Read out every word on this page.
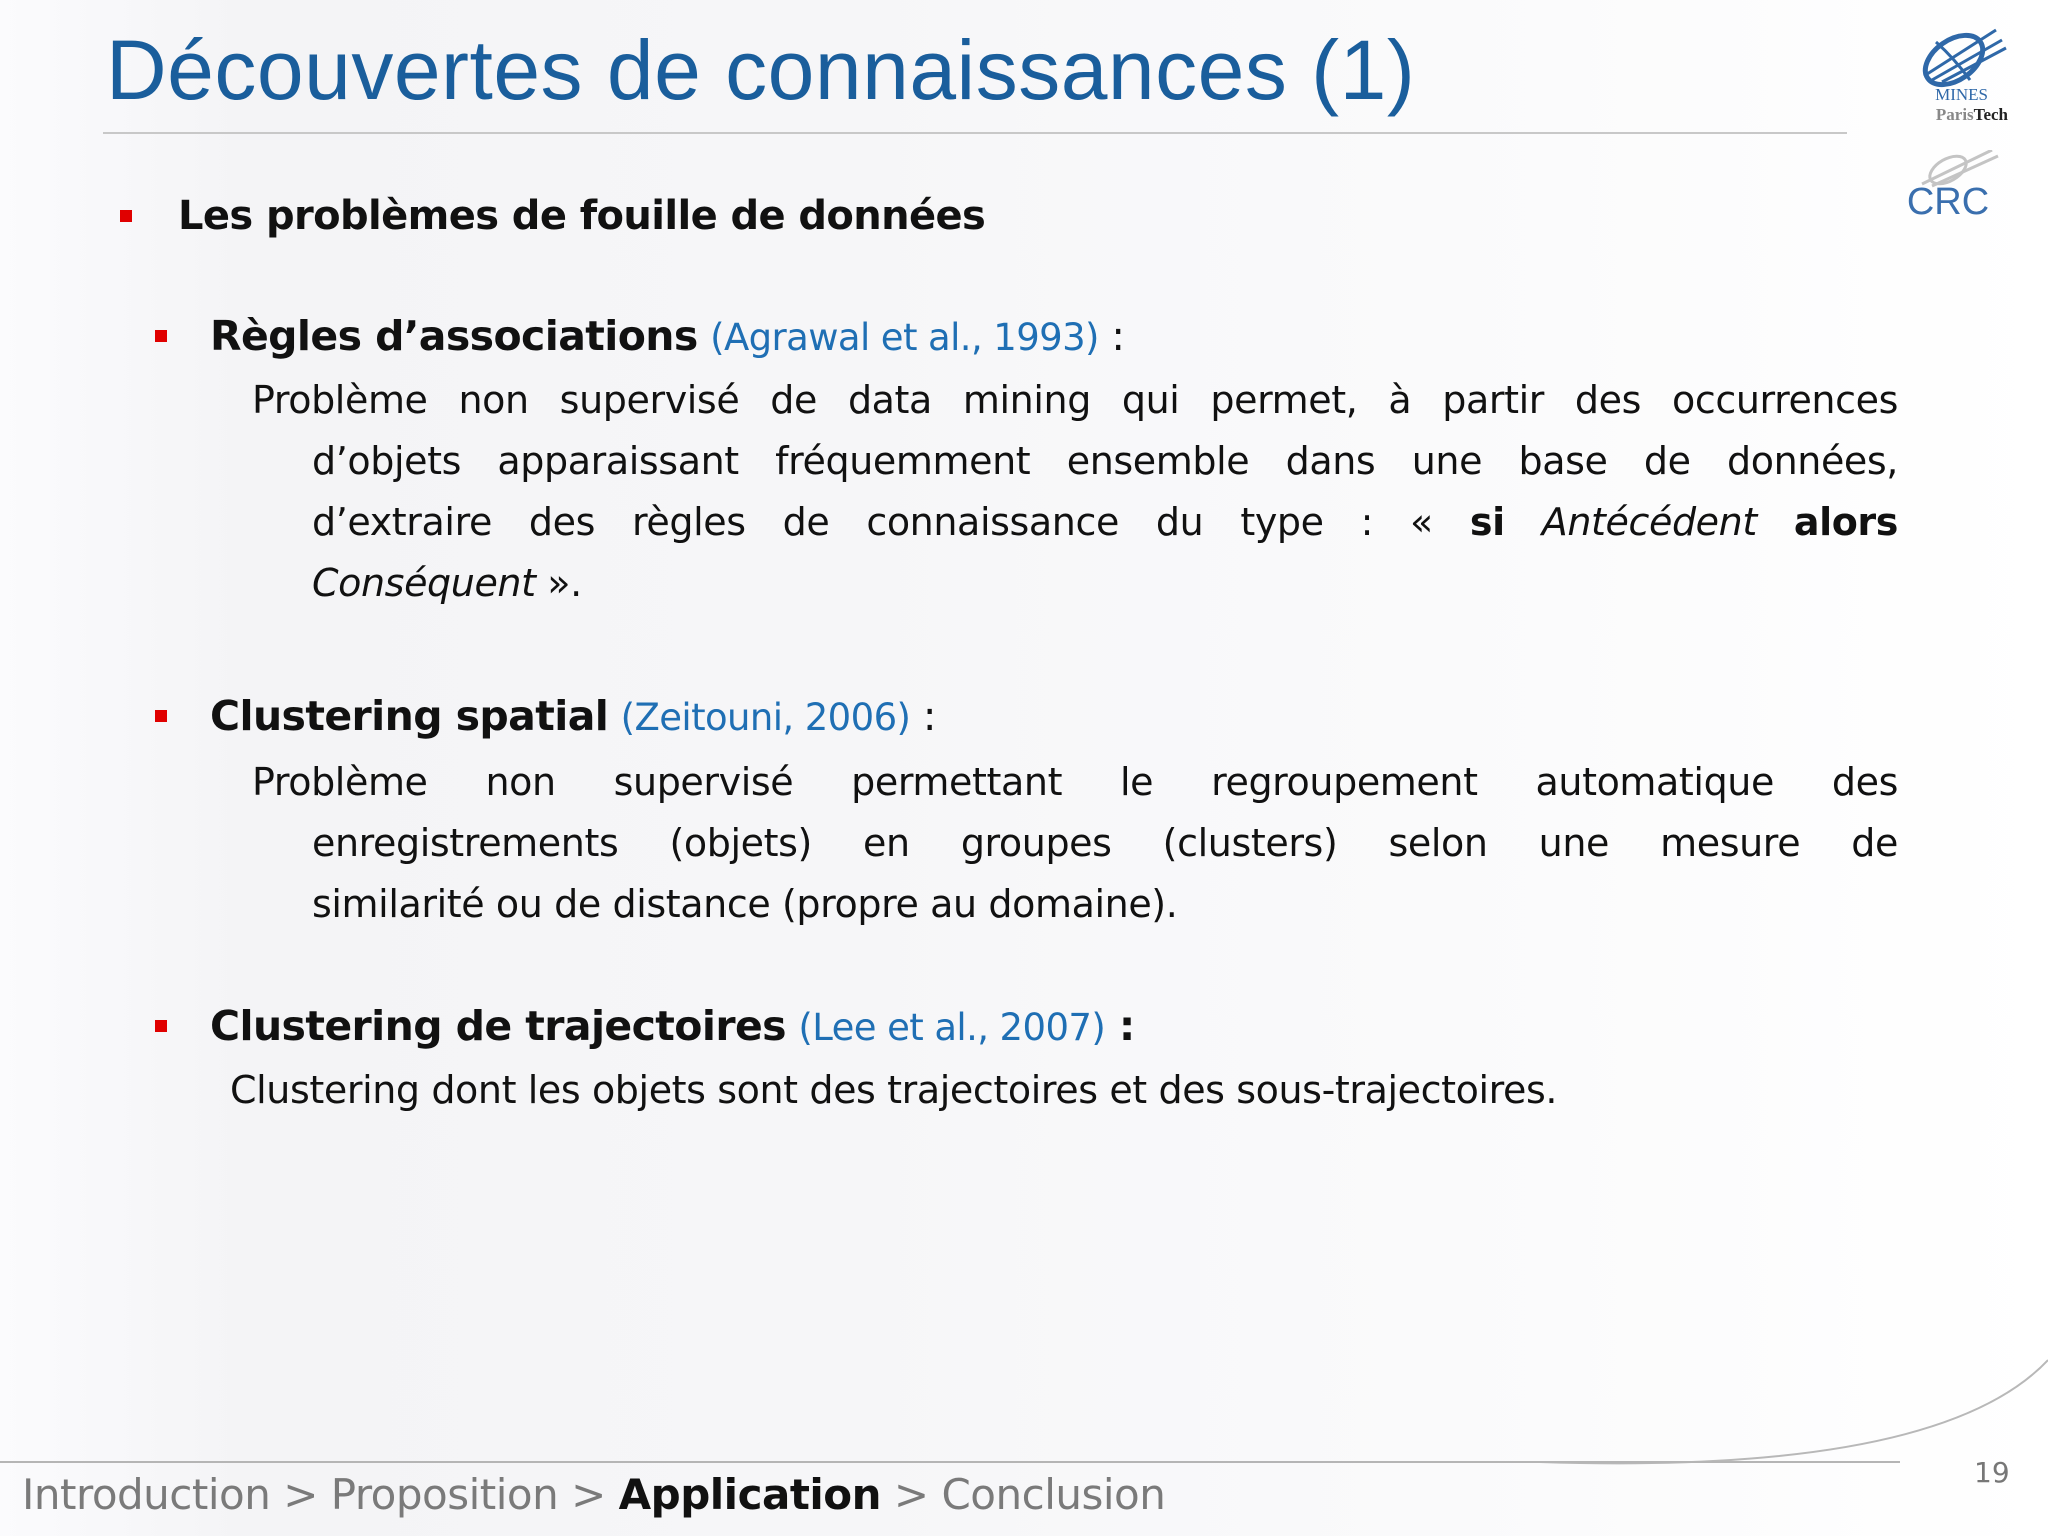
Découvertes de connaissances (1)	MINES
ParisTech
CRC
Les problèmes de fouille de données
Règles d’associations (Agrawal et al., 1993) :
Problème non supervisé de data mining qui permet, à partir des occurrences
d’objets apparaissant fréquemment ensemble dans une base de données,
d’extraire des règles de connaissance du type : « si Antécédent alors
Conséquent ».
Clustering spatial (Zeitouni, 2006) :
Problème non supervisé permettant le regroupement automatique des
enregistrements (objets) en groupes (clusters) selon une mesure de
similarité ou de distance (propre au domaine).
Clustering de trajectoires (Lee et al., 2007) :
Clustering dont les objets sont des trajectoires et des sous-trajectoires.
Introduction > Proposition > Application > Conclusion	19
